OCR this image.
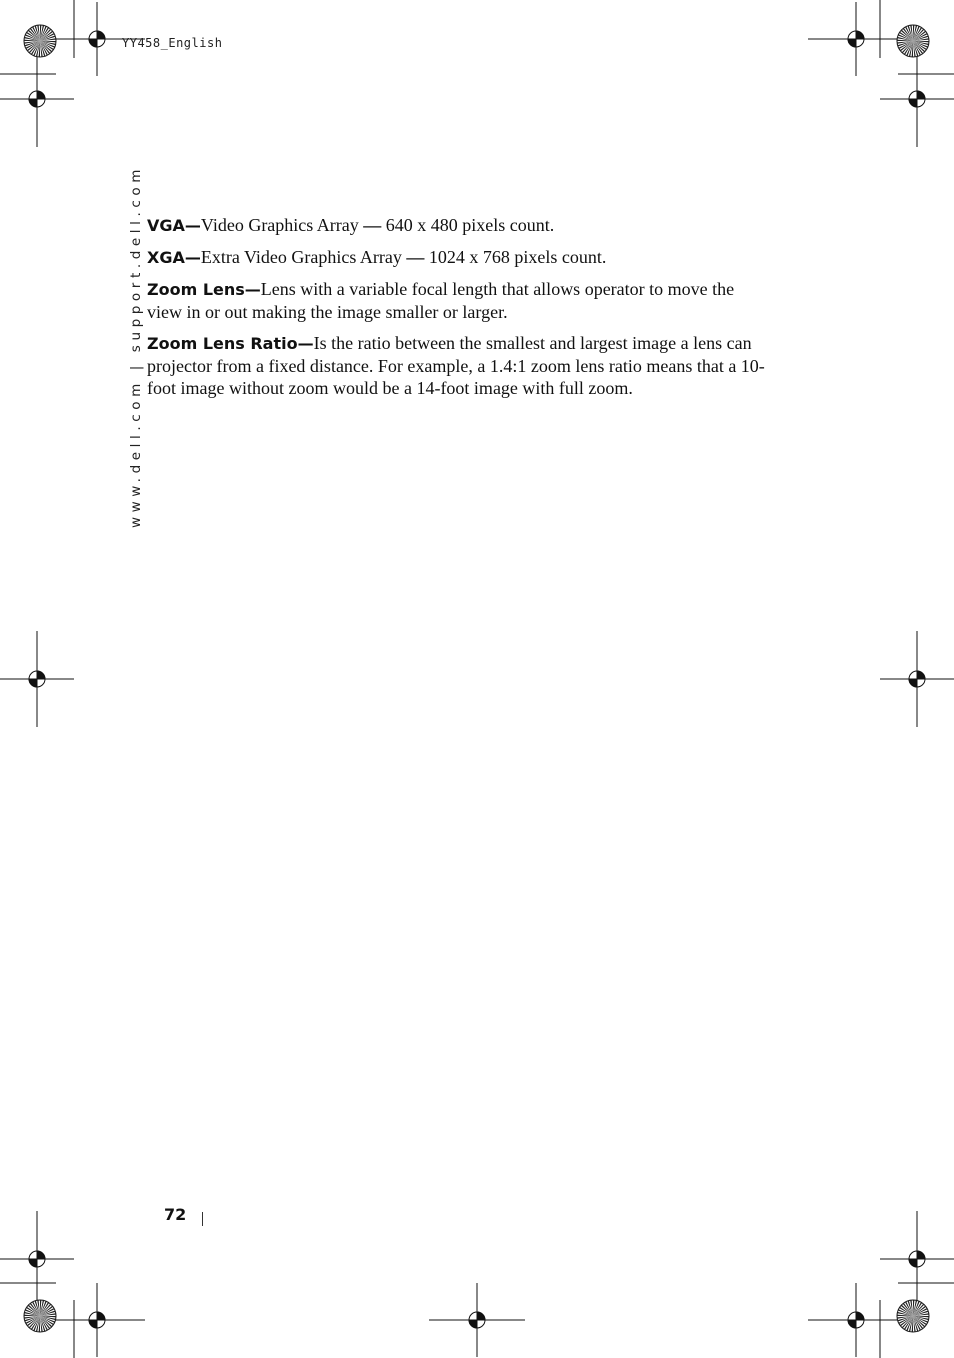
YY458_English
www.dell.com | support.dell.com VGA—Video Graphics Array — 640 x 480 pixels count.

XGA—Extra Video Graphics Array — 1024 x 768 pixels count.

Zoom Lens—Lens with a variable focal length that allows operator to move the view in or out making the image smaller or larger.

Zoom Lens Ratio—Is the ratio between the smallest and largest image a lens can projector from a fixed distance. For example, a 1.4:1 zoom lens ratio means that a 10-foot image without zoom would be a 14-foot image with full zoom.

72
